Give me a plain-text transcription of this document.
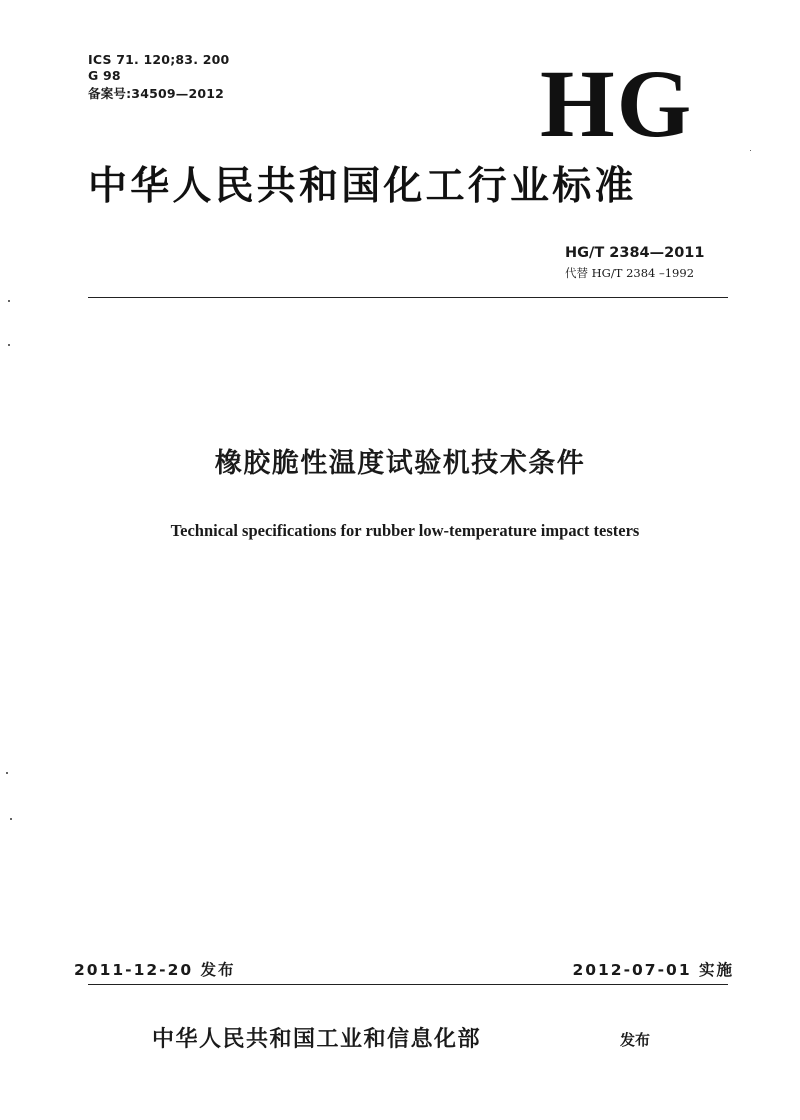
ICS 71. 120;83. 200
G 98
备案号:34509—2012	HG
中华人民共和国化工行业标准
HG/T 2384—2011
代替 HG/T 2384 –1992
橡胶脆性温度试验机技术条件
Technical specifications for rubber low-temperature impact testers
2011-12-20 发布	2012-07-01 实施
中华人民共和国工业和信息化部	发布
